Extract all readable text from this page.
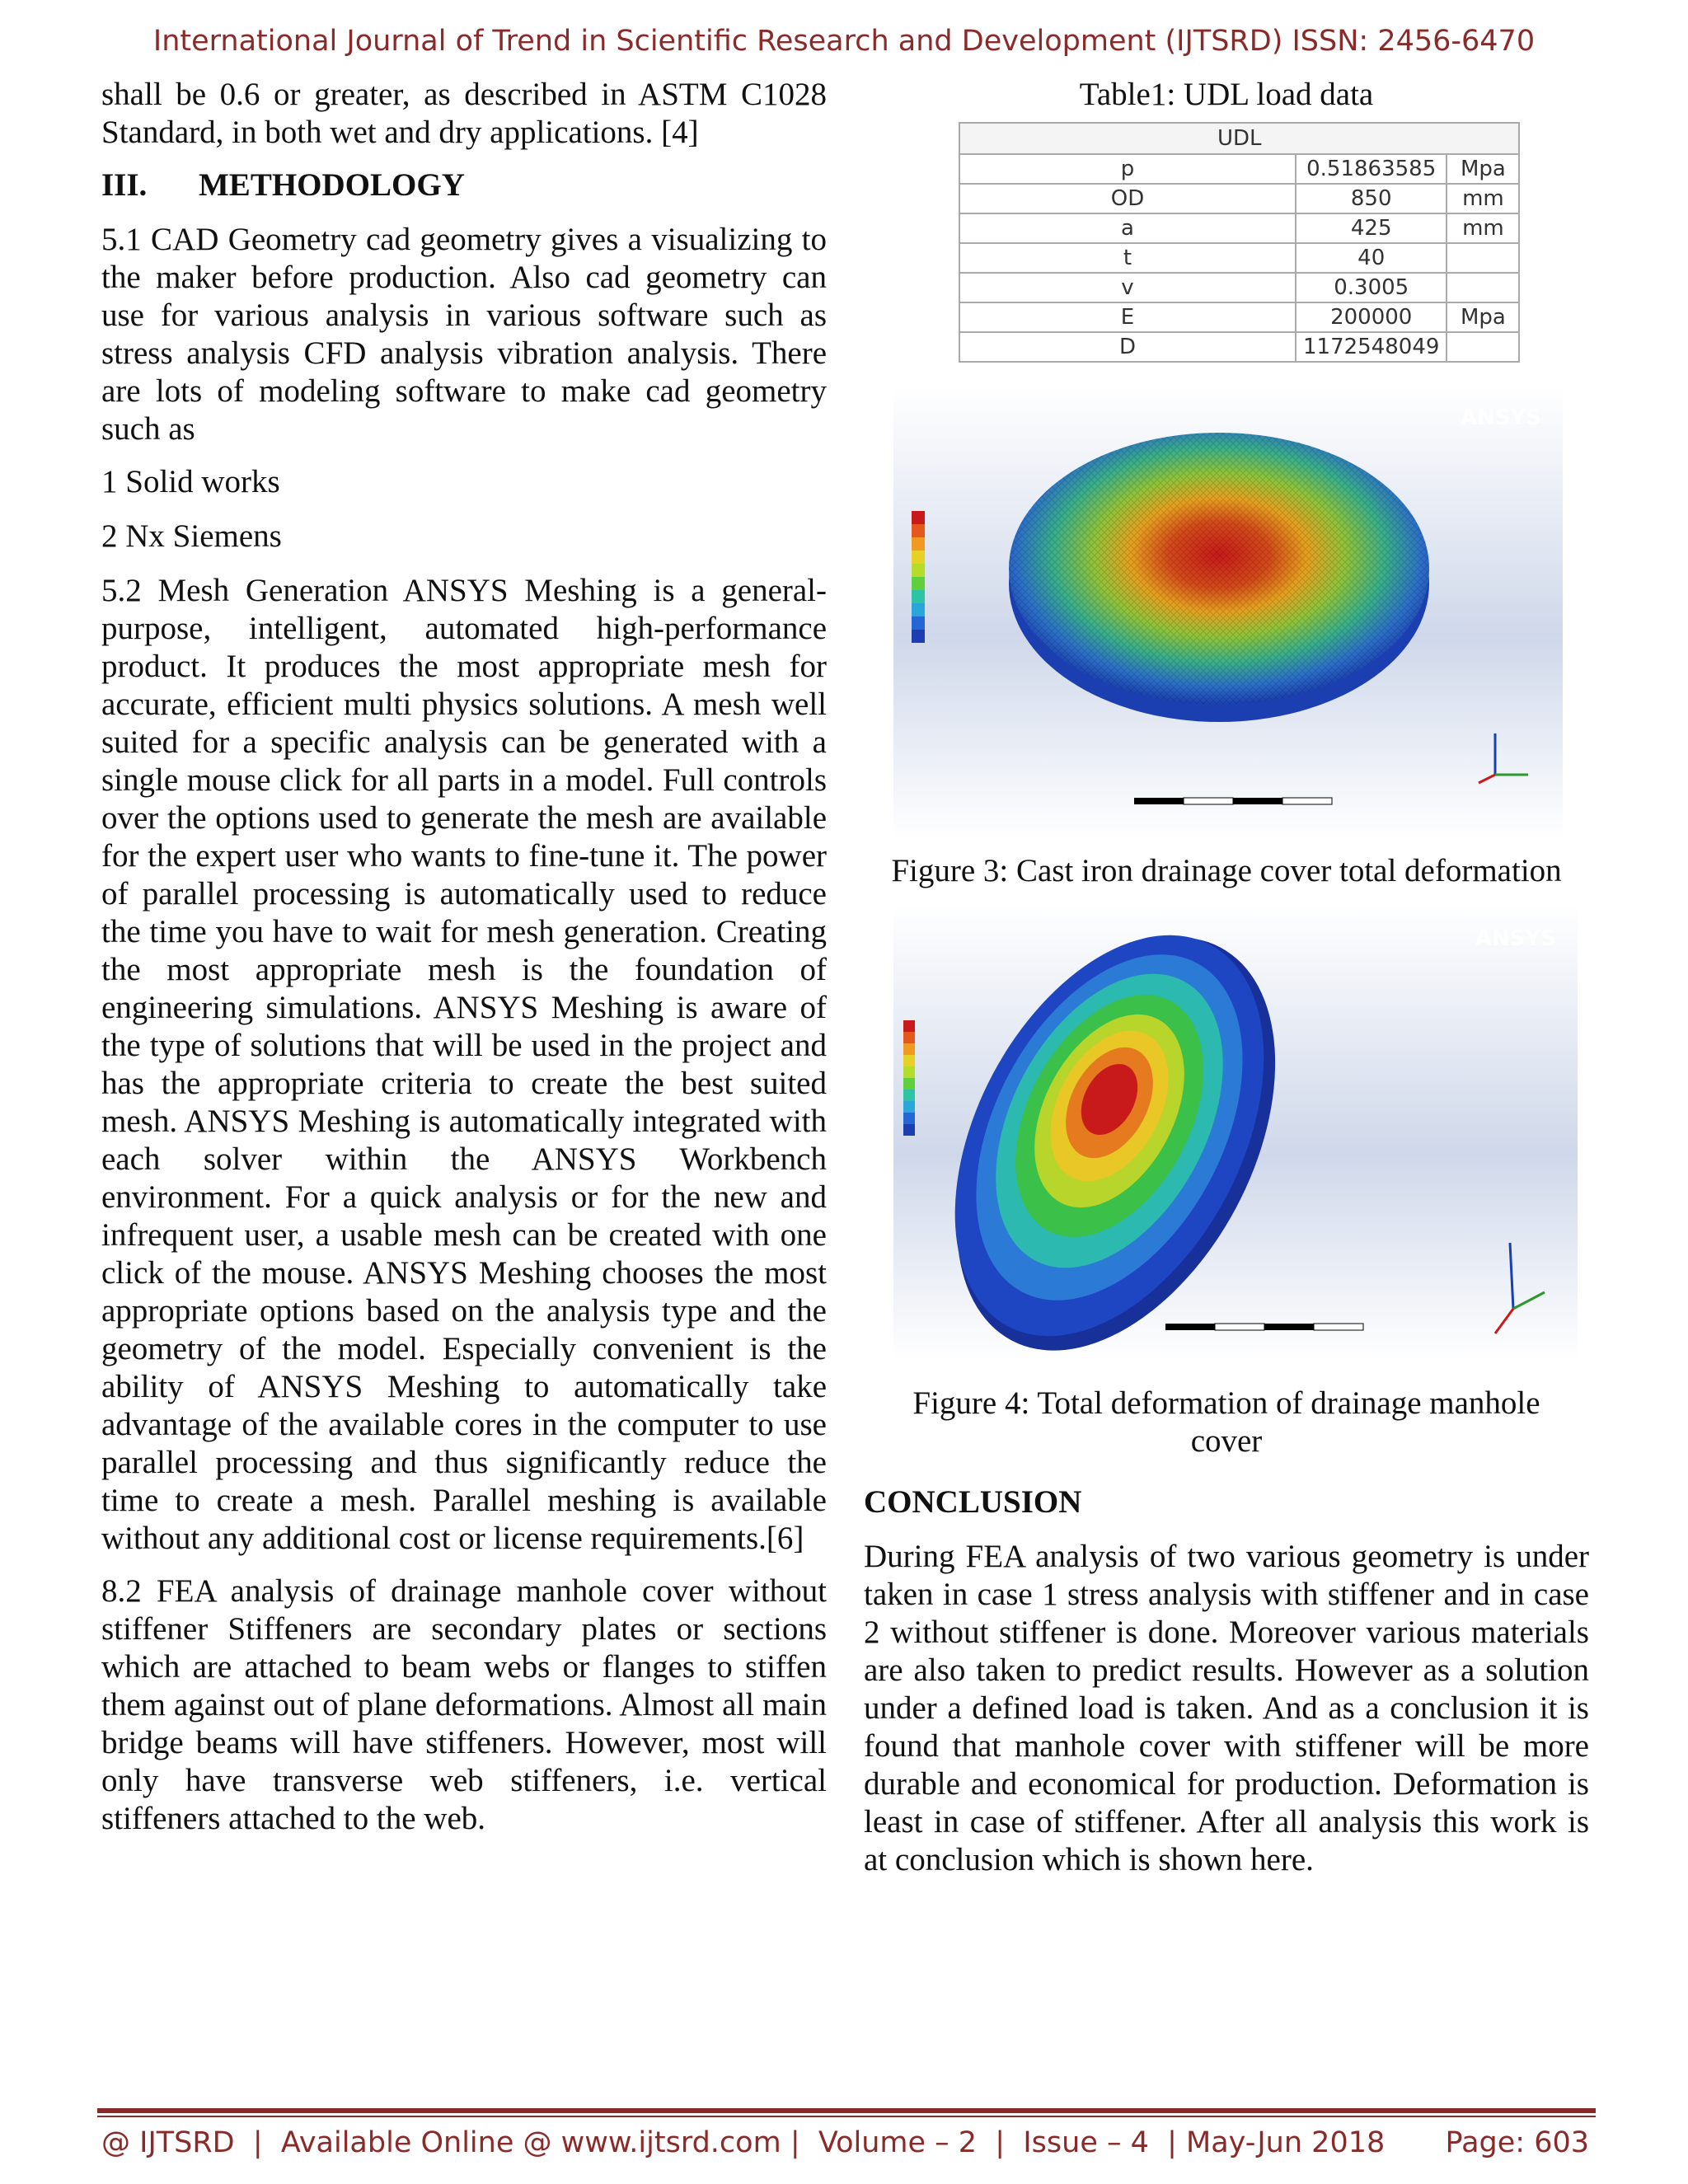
International Journal of Trend in Scientific Research and Development (IJTSRD) ISSN: 2456-6470

shall be 0.6 or greater, as described in ASTM C1028 Standard, in both wet and dry applications. [4]

III. METHODOLOGY

5.1 CAD Geometry cad geometry gives a visualizing to the maker before production. Also cad geometry can use for various analysis in various software such as stress analysis CFD analysis vibration analysis. There are lots of modeling software to make cad geometry such as

1 Solid works
2 Nx Siemens

5.2 Mesh Generation ANSYS Meshing is a general-purpose, intelligent, automated high-performance product. It produces the most appropriate mesh for accurate, efficient multi physics solutions. A mesh well suited for a specific analysis can be generated with a single mouse click for all parts in a model. Full controls over the options used to generate the mesh are available for the expert user who wants to fine-tune it. The power of parallel processing is automatically used to reduce the time you have to wait for mesh generation. Creating the most appropriate mesh is the foundation of engineering simulations. ANSYS Meshing is aware of the type of solutions that will be used in the project and has the appropriate criteria to create the best suited mesh. ANSYS Meshing is automatically integrated with each solver within the ANSYS Workbench environment. For a quick analysis or for the new and infrequent user, a usable mesh can be created with one click of the mouse. ANSYS Meshing chooses the most appropriate options based on the analysis type and the geometry of the model. Especially convenient is the ability of ANSYS Meshing to automatically take advantage of the available cores in the computer to use parallel processing and thus significantly reduce the time to create a mesh. Parallel meshing is available without any additional cost or license requirements.[6]

8.2 FEA analysis of drainage manhole cover without stiffener Stiffeners are secondary plates or sections which are attached to beam webs or flanges to stiffen them against out of plane deformations. Almost all main bridge beams will have stiffeners. However, most will only have transverse web stiffeners, i.e. vertical stiffeners attached to the web.

Table1: UDL load data
UDL		
p	0.51863585	Mpa
OD	850	mm
a	425	mm
t	40	
v	0.3005	
E	200000	Mpa
D	1172548049	
ANSYS
Figure 3: Cast iron drainage cover total deformation
ANSYS
Figure 4: Total deformation of drainage manhole cover
CONCLUSION

During FEA analysis of two various geometry is under taken in case 1 stress analysis with stiffener and in case 2 without stiffener is done. Moreover various materials are also taken to predict results. However as a solution under a defined load is taken. And as a conclusion it is found that manhole cover with stiffener will be more durable and economical for production. Deformation is least in case of stiffener. After all analysis this work is at conclusion which is shown here.

@ IJTSRD  |  Available Online @ www.ijtsrd.com |  Volume – 2  |  Issue – 4  | May-Jun 2018 Page: 603
